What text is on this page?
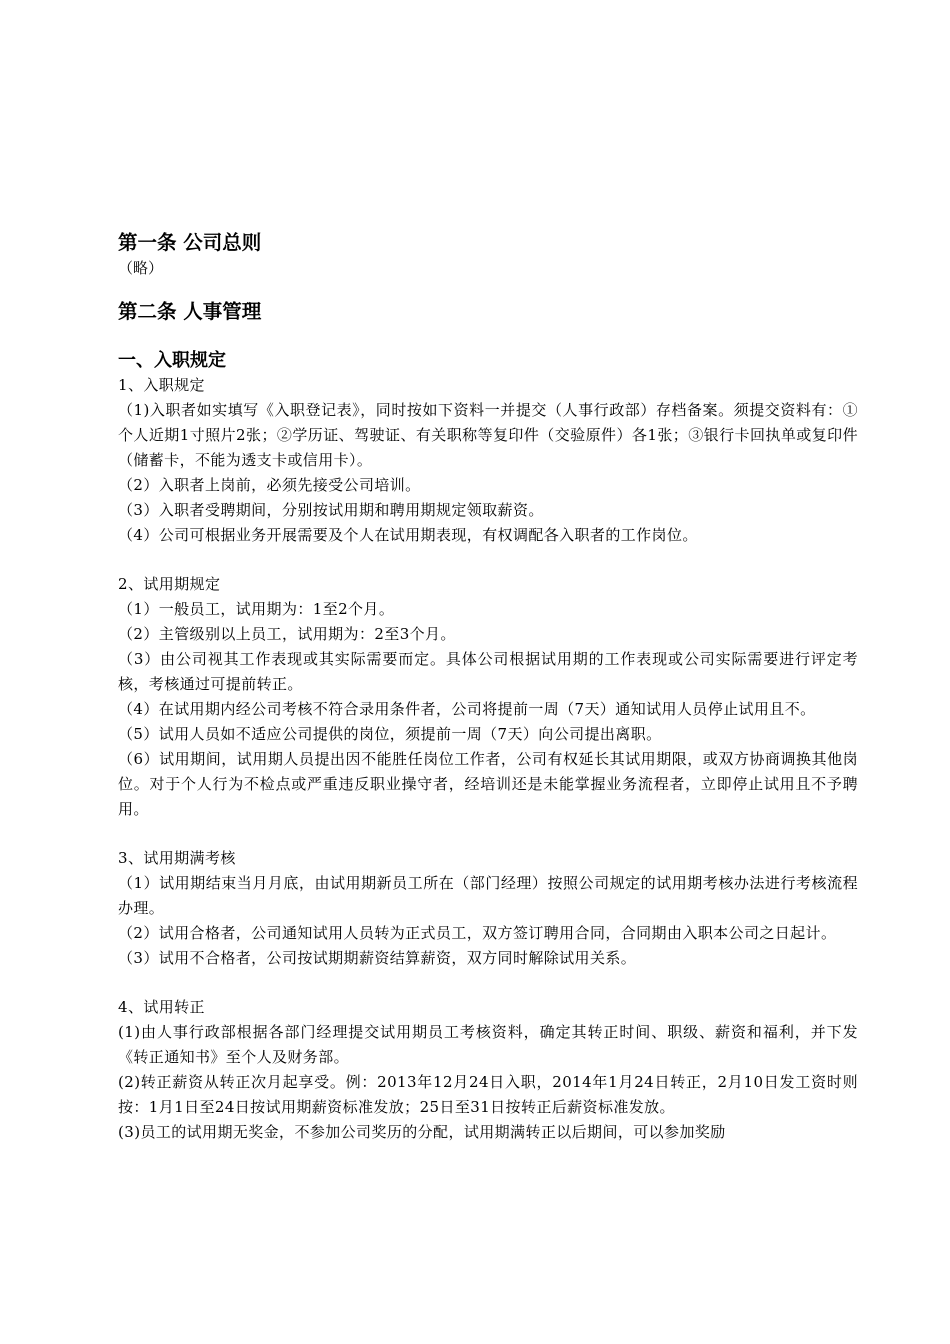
第一条 公司总则

（略）

第二条 人事管理
一、入职规定

1、入职规定

（1)入职者如实填写《入职登记表》，同时按如下资料一并提交（人事行政部）存档备案。须提交资料有：①个人近期1寸照片2张；②学历证、驾驶证、有关职称等复印件（交验原件）各1张；③银行卡回执单或复印件（储蓄卡，不能为透支卡或信用卡）。

（2）入职者上岗前，必须先接受公司培训。

（3）入职者受聘期间，分别按试用期和聘用期规定领取薪资。

（4）公司可根据业务开展需要及个人在试用期表现，有权调配各入职者的工作岗位。

2、试用期规定

（1）一般员工，试用期为：1至2个月。

（2）主管级别以上员工，试用期为：2至3个月。

（3）由公司视其工作表现或其实际需要而定。具体公司根据试用期的工作表现或公司实际需要进行评定考核，考核通过可提前转正。

（4）在试用期内经公司考核不符合录用条件者，公司将提前一周（7天）通知试用人员停止试用且不。

（5）试用人员如不适应公司提供的岗位，须提前一周（7天）向公司提出离职。

（6）试用期间，试用期人员提出因不能胜任岗位工作者，公司有权延长其试用期限，或双方协商调换其他岗位。对于个人行为不检点或严重违反职业操守者，经培训还是未能掌握业务流程者，立即停止试用且不予聘用。

3、试用期满考核

（1）试用期结束当月月底，由试用期新员工所在（部门经理）按照公司规定的试用期考核办法进行考核流程办理。

（2）试用合格者，公司通知试用人员转为正式员工，双方签订聘用合同，合同期由入职本公司之日起计。

（3）试用不合格者，公司按试期期薪资结算薪资，双方同时解除试用关系。

4、试用转正

(1)由人事行政部根据各部门经理提交试用期员工考核资料，确定其转正时间、职级、薪资和福利，并下发《转正通知书》至个人及财务部。

(2)转正薪资从转正次月起享受。例：2013年12月24日入职，2014年1月24日转正，2月10日发工资时则按：1月1日至24日按试用期薪资标准发放；25日至31日按转正后薪资标准发放。

(3)员工的试用期无奖金，不参加公司奖历的分配，试用期满转正以后期间，可以参加奖励
